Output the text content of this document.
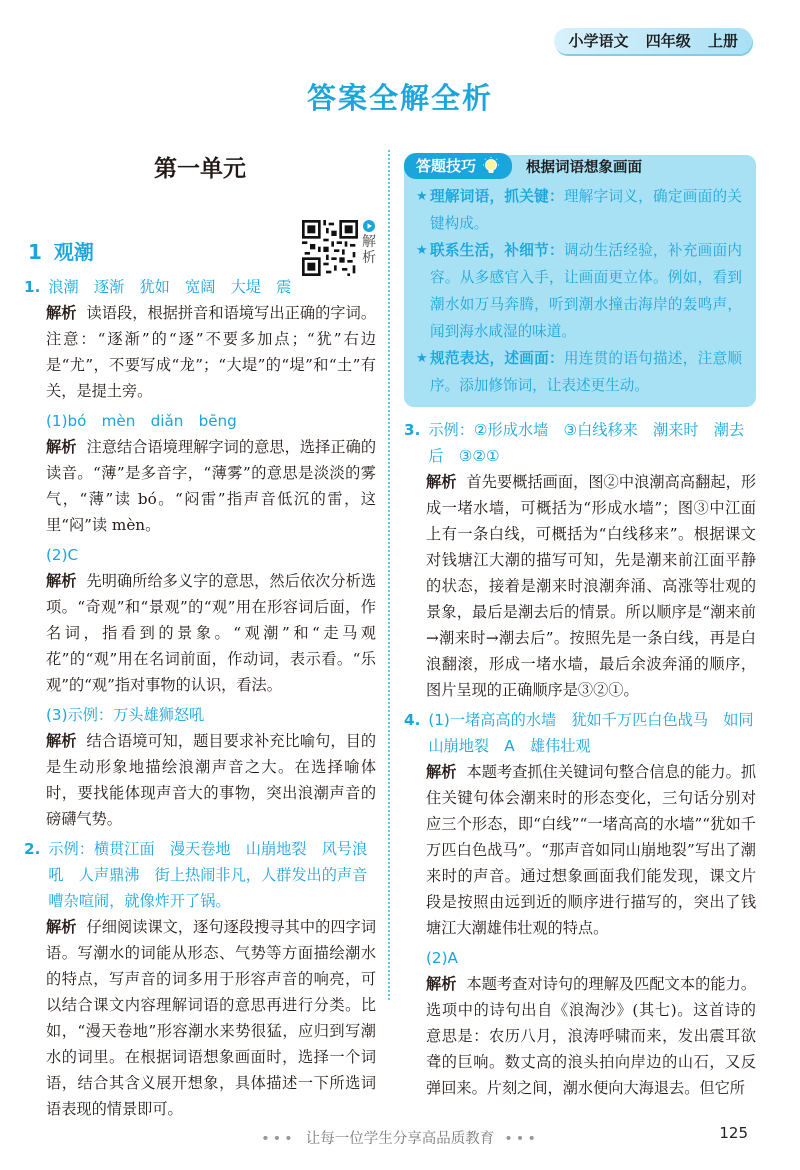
小学语文 四年级 上册
答案全解全析
第一单元
1 观潮	解析
1. 浪潮　逐渐　犹如　宽阔　大堤　震
解析 读语段，根据拼音和语境写出正确的字词。注意：“逐渐”的“逐”不要多加点；“犹”右边是“尤”，不要写成“龙”；“大堤”的“堤”和“土”有关，是提土旁。
(1)bó　mèn　diǎn　bēng
解析 注意结合语境理解字词的意思，选择正确的读音。“薄”是多音字，“薄雾”的意思是淡淡的雾气，“薄”读 bó。“闷雷”指声音低沉的雷，这里“闷”读 mèn。
(2)C
解析 先明确所给多义字的意思，然后依次分析选项。“奇观”和“景观”的“观”用在形容词后面，作名词，指看到的景象。“观潮”和“走马观花”的“观”用在名词前面，作动词，表示看。“乐观”的“观”指对事物的认识，看法。
(3)示例：万头雄狮怒吼
解析 结合语境可知，题目要求补充比喻句，目的是生动形象地描绘浪潮声音之大。在选择喻体时，要找能体现声音大的事物，突出浪潮声音的磅礴气势。
2. 示例：横贯江面　漫天卷地　山崩地裂　风号浪吼　人声鼎沸　街上热闹非凡，人群发出的声音嘈杂喧闹，就像炸开了锅。
解析 仔细阅读课文，逐句逐段搜寻其中的四字词语。写潮水的词能从形态、气势等方面描绘潮水的特点，写声音的词多用于形容声音的响亮，可以结合课文内容理解词语的意思再进行分类。比如，“漫天卷地”形容潮水来势很猛，应归到写潮水的词里。在根据词语想象画面时，选择一个词语，结合其含义展开想象，具体描述一下所选词语表现的情景即可。
答题技巧	根据词语想象画面
★ 理解词语，抓关键：理解字词义，确定画面的关键构成。
★ 联系生活，补细节：调动生活经验，补充画面内容。从多感官入手，让画面更立体。例如，看到潮水如万马奔腾，听到潮水撞击海岸的轰鸣声，闻到海水咸湿的味道。
★ 规范表达，述画面：用连贯的语句描述，注意顺序。添加修饰词，让表述更生动。
3. 示例：②形成水墙　③白线移来　潮来时　潮去后　③②①
解析 首先要概括画面，图②中浪潮高高翻起，形成一堵水墙，可概括为“形成水墙”；图③中江面上有一条白线，可概括为“白线移来”。根据课文对钱塘江大潮的描写可知，先是潮来前江面平静的状态，接着是潮来时浪潮奔涌、高涨等壮观的景象，最后是潮去后的情景。所以顺序是“潮来前→潮来时→潮去后”。按照先是一条白线，再是白浪翻滚，形成一堵水墙，最后余波奔涌的顺序，图片呈现的正确顺序是③②①。
4. (1)一堵高高的水墙　犹如千万匹白色战马　如同山崩地裂　A　雄伟壮观
解析 本题考查抓住关键词句整合信息的能力。抓住关键句体会潮来时的形态变化，三句话分别对应三个形态，即“白线”“一堵高高的水墙”“犹如千万匹白色战马”。“那声音如同山崩地裂”写出了潮来时的声音。通过想象画面我们能发现，课文片段是按照由远到近的顺序进行描写的，突出了钱塘江大潮雄伟壮观的特点。
(2)A
解析 本题考查对诗句的理解及匹配文本的能力。选项中的诗句出自《浪淘沙》(其七)。这首诗的意思是：农历八月，浪涛呼啸而来，发出震耳欲聋的巨响。数丈高的浪头拍向岸边的山石，又反弹回来。片刻之间，潮水便向大海退去。但它所
••• 让每一位学生分享高品质教育 •••	125
